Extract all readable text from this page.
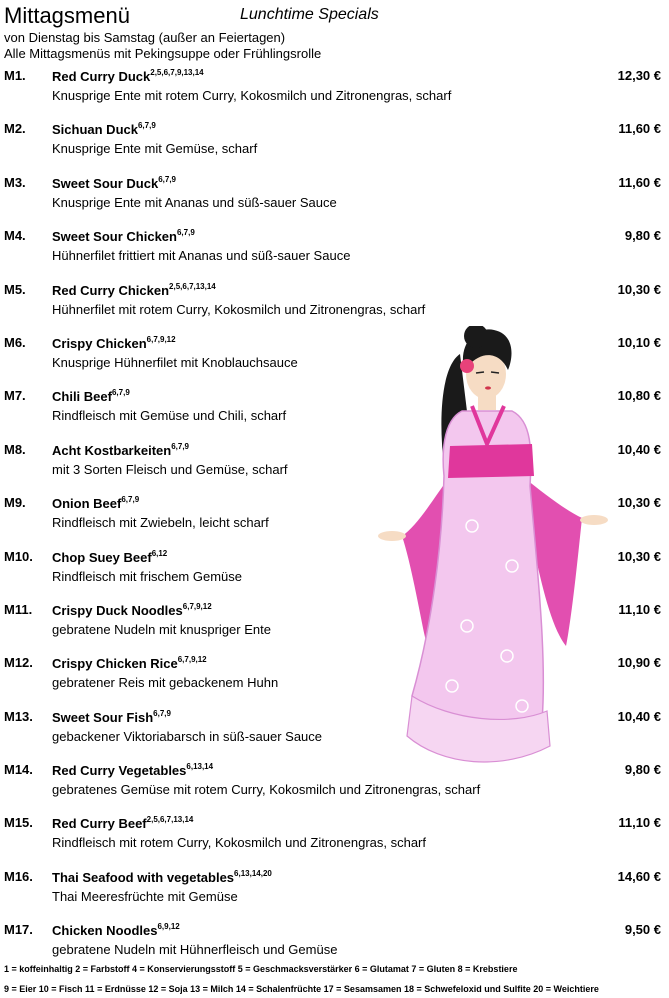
Mittagsmenü	Lunchtime Specials
von Dienstag bis Samstag (außer an Feiertagen)
Alle Mittagsmenüs mit Pekingsuppe oder Frühlingsrolle
M1. Red Curry Duck$^{2,5,6,7,9,13,14}$	12,30 €
Knusprige Ente mit rotem Curry, Kokosmilch und Zitronengras, scharf
M2. Sichuan Duck$^{6,7,9}$	11,60 €
Knusprige Ente mit Gemüse, scharf
M3. Sweet Sour Duck$^{6,7,9}$	11,60 €
Knusprige Ente mit Ananas und süß-sauer Sauce
M4. Sweet Sour Chicken$^{6,7,9}$	9,80 €
Hühnerfilet frittiert mit Ananas und süß-sauer Sauce
M5. Red Curry Chicken$^{2,5,6,7,13,14}$	10,30 €
Hühnerfilet mit rotem Curry, Kokosmilch und Zitronengras, scharf
M6. Crispy Chicken$^{6,7,9,12}$	10,10 €
Knusprige Hühnerfilet mit Knoblauchsauce
M7. Chili Beef$^{6,7,9}$	10,80 €
Rindfleisch mit Gemüse und Chili, scharf
M8. Acht Kostbarkeiten$^{6,7,9}$	10,40 €
mit 3 Sorten Fleisch und Gemüse, scharf
M9. Onion Beef$^{6,7,9}$	10,30 €
Rindfleisch mit Zwiebeln, leicht scharf
M10. Chop Suey Beef$^{6,12}$	10,30 €
Rindfleisch mit frischem Gemüse
M11. Crispy Duck Noodles$^{6,7,9,12}$	11,10 €
gebratene Nudeln mit knuspriger Ente
M12. Crispy Chicken Rice$^{6,7,9,12}$	10,90 €
gebratener Reis mit gebackenem Huhn
M13. Sweet Sour Fish$^{6,7,9}$	10,40 €
gebackener Viktoriabarsch in süß-sauer Sauce
M14. Red Curry Vegetables$^{6,13,14}$	9,80 €
gebratenes Gemüse mit rotem Curry, Kokosmilch und Zitronengras, scharf
M15. Red Curry Beef$^{2,5,6,7,13,14}$	11,10 €
Rindfleisch mit rotem Curry, Kokosmilch und Zitronengras, scharf
M16. Thai Seafood with vegetables$^{6,13,14,20}$	14,60 €
Thai Meeresfrüchte mit Gemüse
M17. Chicken Noodles$^{6,9,12}$	9,50 €
gebratene Nudeln mit Hühnerfleisch und Gemüse
1 = koffeinhaltig 2 = Farbstoff 4 = Konservierungsstoff 5 = Geschmacksverstärker 6 = Glutamat 7 = Gluten 8 = Krebstiere
9 = Eier 10 = Fisch 11 = Erdnüsse 12 = Soja 13 = Milch 14 = Schalenfrüchte 17 = Sesamsamen 18 = Schwefeloxid und Sulfite 20 = Weichtiere
